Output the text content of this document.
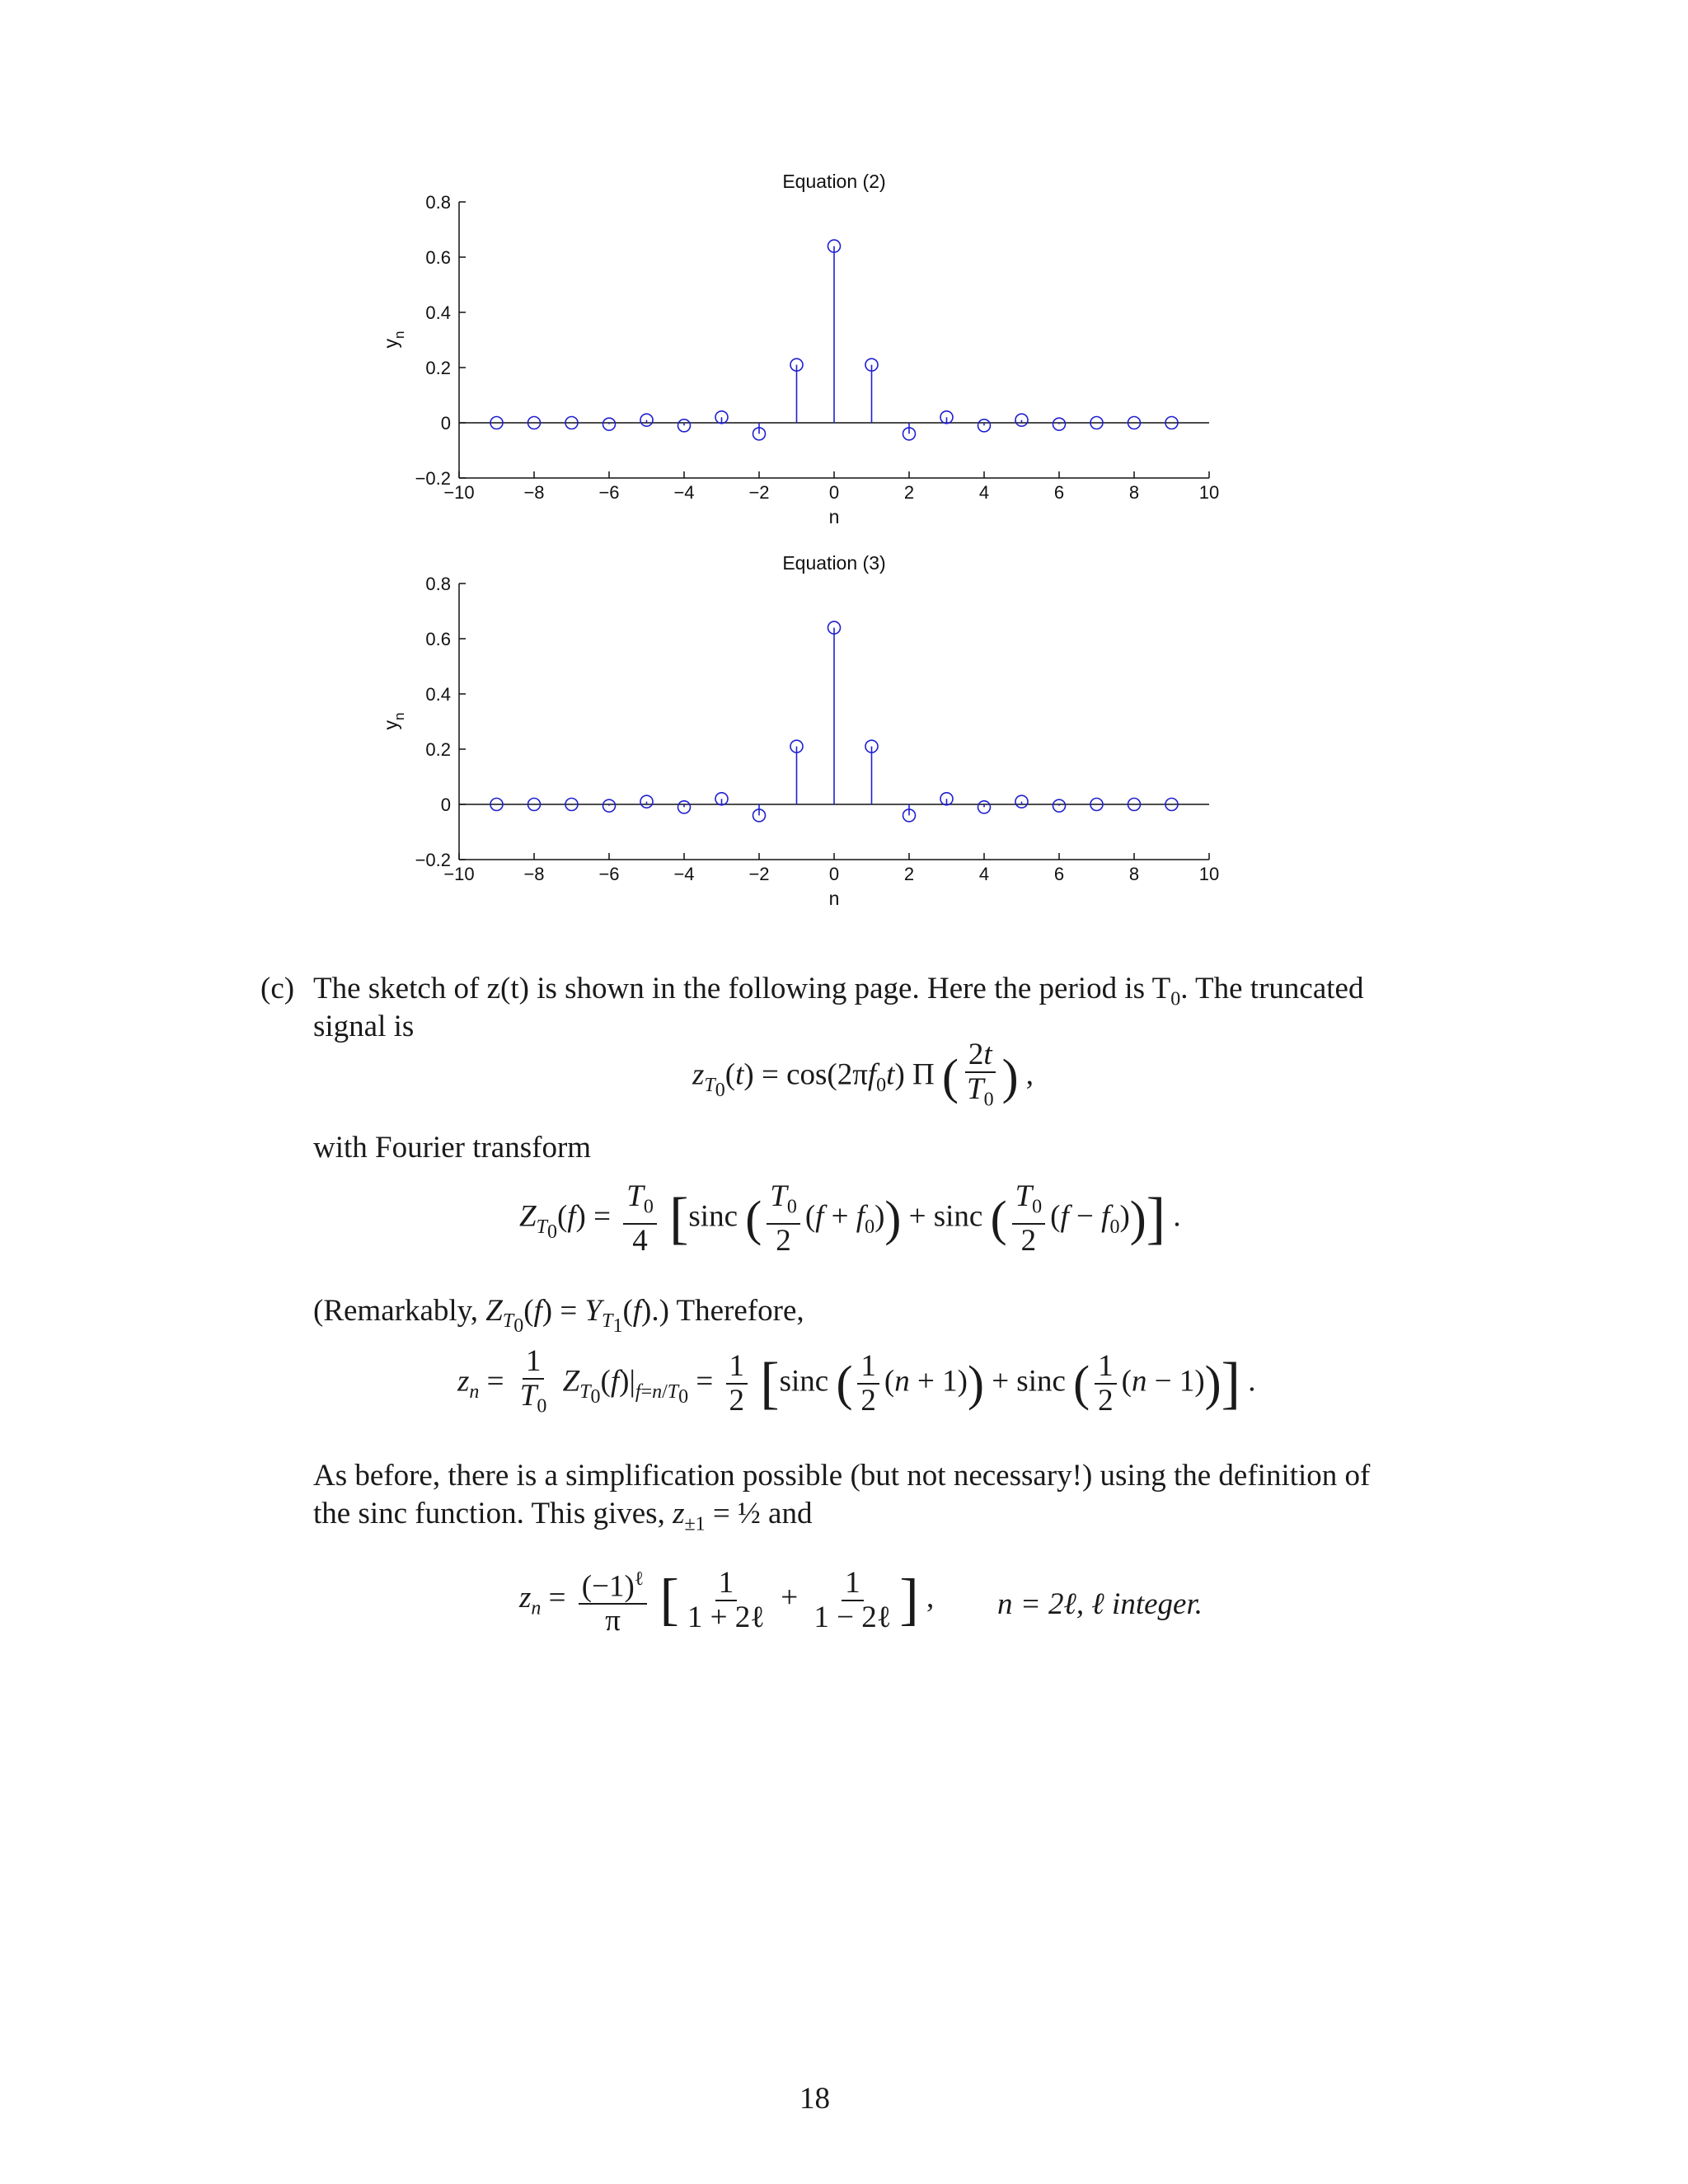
Equation (2)
−10	−8	−6	−4	−2	0	2	4	6	8	10
−0.2
0
0.2
0.4
0.6
0.8
n
$y_n$
Equation (3)
−10	−8	−6	−4	−2	0	2	4	6	8	10
−0.2
0
0.2
0.4
0.6
0.8
n
$y_n$
(c) The sketch of z(t) is shown in the following page. Here the period is $T_0$. The truncated
signal is
$z_{T_0}(t) = \cos(2\pi f_0t)$ Π ( $\frac{2t}{T_0}$ ) ,
with Fourier transform
$Z_{T_0}(f) = \frac{T_0}{4} [\sin c$ ( $\frac{T_0}{2} (f + f_0)) + \sin c$ ( $\frac{T_0}{2} (f - f_0)$)] .
(Remarkably, $Z_{T_0}(f) = Y_{T_1}(f)$.) Therefore,
$z_n = \frac{1}{T_0} Z_{T_0}(f)|_{f=n/T_0} = \frac{1}{2} [\sin c$ ( $\frac{1}{2} (n + 1)) + \sin c$ ( $\frac{1}{2} (n - 1)$)] .
As before, there is a simplification possible (but not necessary!) using the definition of
the sinc function. This gives, $z_{\pm 1}$ = ½ and
$z_n = \frac{(-1)^\ell}{\pi}$ [ $\frac{1}{\text{1 + 2ℓ}} + \frac{1}{\text{1 − 2ℓ}}$ ] , n = 2ℓ, ℓ integer.
18
